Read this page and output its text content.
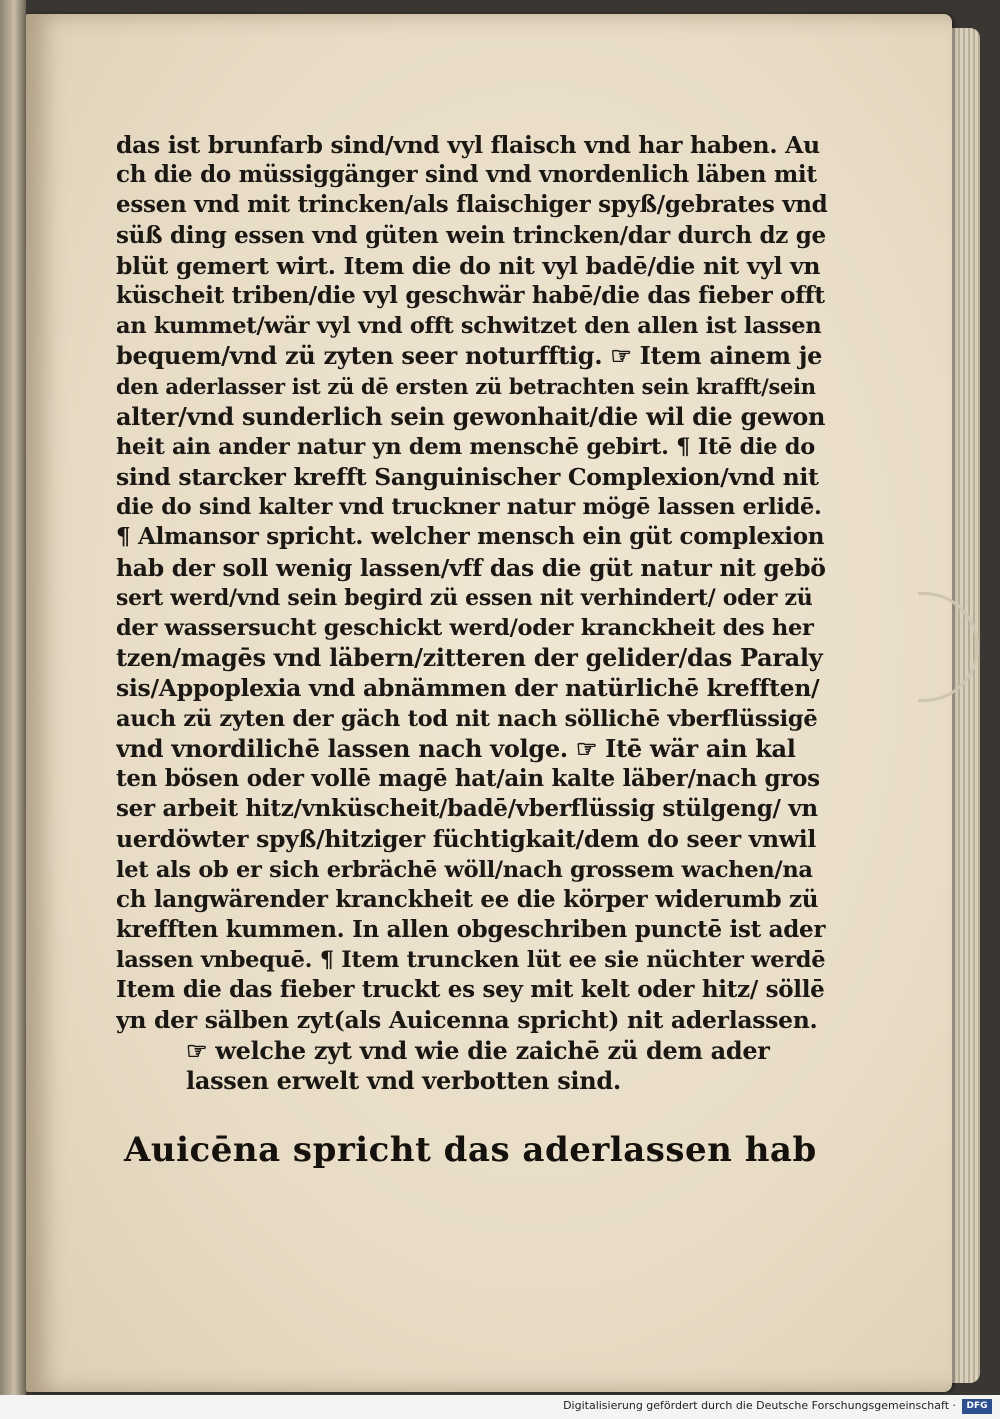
das ist brunfarb sind/vnd vyl flaisch vnd har haben. Au
ch die do müssiggänger sind vnd vnordenlich läben mit
essen vnd mit trincken/als flaischiger spyß/gebrates vnd
süß ding essen vnd güten wein trincken/dar durch dz ge
blüt gemert wirt. Item die do nit vyl badē/die nit vyl vn
küscheit triben/die vyl geschwär habē/die das fieber offt
an kummet/wär vyl vnd offt schwitzet den allen ist lassen
bequem/vnd zü zyten seer noturfftig. ☞ Item ainem je
den aderlasser ist zü dē ersten zü betrachten sein krafft/sein
alter/vnd sunderlich sein gewonhait/die wil die gewon
heit ain ander natur yn dem menschē gebirt. ¶ Itē die do
sind starcker krefft Sanguinischer Complexion/vnd nit
die do sind kalter vnd truckner natur mögē lassen erlidē.
¶ Almansor spricht. welcher mensch ein güt complexion
hab der soll wenig lassen/vff das die güt natur nit gebö
sert werd/vnd sein begird zü essen nit verhindert/ oder zü
der wassersucht geschickt werd/oder kranckheit des her
tzen/magēs vnd läbern/zitteren der gelider/das Paraly
sis/Appoplexia vnd abnämmen der natürlichē krefften/
auch zü zyten der gäch tod nit nach söllichē vberflüssigē
vnd vnordilichē lassen nach volge. ☞ Itē wär ain kal
ten bösen oder vollē magē hat/ain kalte läber/nach gros
ser arbeit hitz/vnküscheit/badē/vberflüssig stülgeng/ vn
uerdöwter spyß/hitziger füchtigkait/dem do seer vnwil
let als ob er sich erbrächē wöll/nach grossem wachen/na
ch langwärender kranckheit ee die körper widerumb zü
krefften kummen. In allen obgeschriben punctē ist ader
lassen vnbequē. ¶ Item truncken lüt ee sie nüchter werdē
Item die das fieber truckt es sey mit kelt oder hitz/ söllē
yn der sälben zyt(als Auicenna spricht) nit aderlassen.
☞ welche zyt vnd wie die zaichē zü dem ader
lassen erwelt vnd verbotten sind.
Auicēna spricht das aderlassen hab
Digitalisierung gefördert durch die Deutsche Forschungsgemeinschaft ·	DFG
